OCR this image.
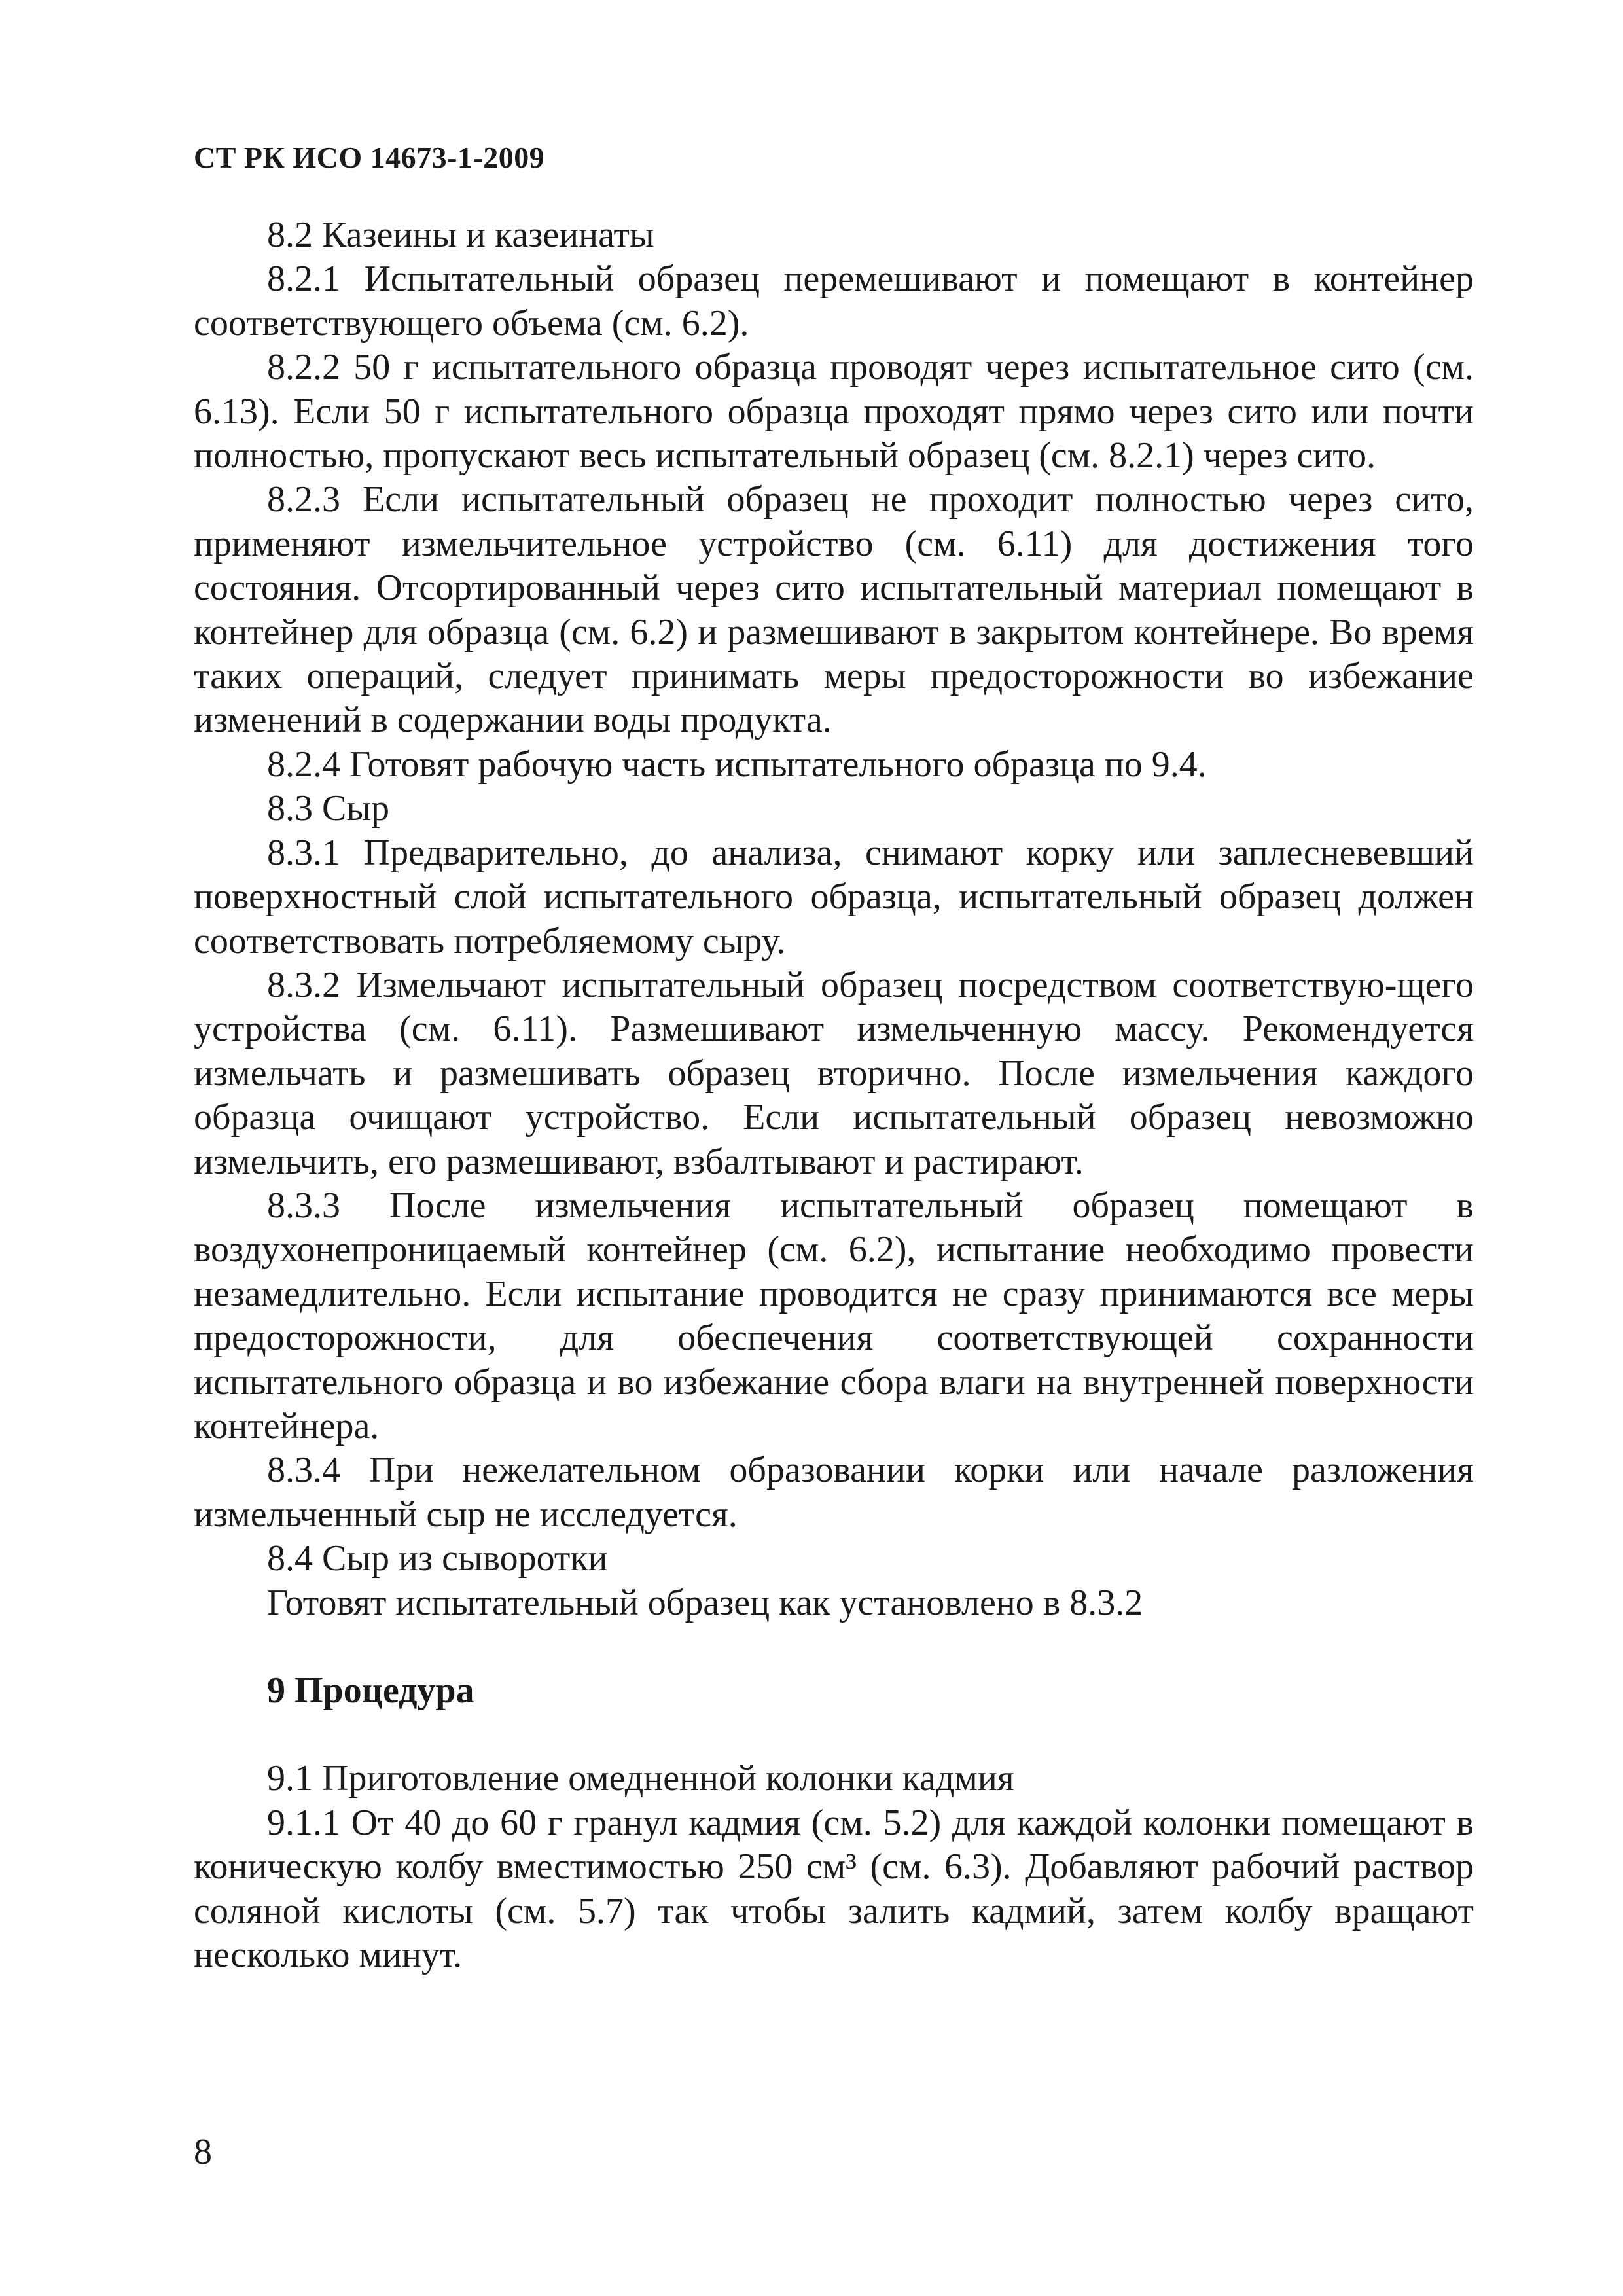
СТ РК ИСО 14673-1-2009

8.2 Казеины и казеинаты

8.2.1 Испытательный образец перемешивают и помещают в контейнер соответствующего объема (см. 6.2).

8.2.2 50 г испытательного образца проводят через испытательное сито (см. 6.13). Если 50 г испытательного образца проходят прямо через сито или почти полностью, пропускают весь испытательный образец (см. 8.2.1) через сито.

8.2.3 Если испытательный образец не проходит полностью через сито, применяют измельчительное устройство (см. 6.11) для достижения того состояния. Отсортированный через сито испытательный материал помещают в контейнер для образца (см. 6.2) и размешивают в закрытом контейнере. Во время таких операций, следует принимать меры предосторожности во избежание изменений в содержании воды продукта.

8.2.4 Готовят рабочую часть испытательного образца по 9.4.

8.3 Сыр

8.3.1 Предварительно, до анализа, снимают корку или заплесневевший поверхностный слой испытательного образца, испытательный образец должен соответствовать потребляемому сыру.

8.3.2 Измельчают испытательный образец посредством соответствую-щего устройства (см. 6.11). Размешивают измельченную массу. Рекомендуется измельчать и размешивать образец вторично. После измельчения каждого образца очищают устройство. Если испытательный образец невозможно измельчить, его размешивают, взбалтывают и растирают.

8.3.3 После измельчения испытательный образец помещают в воздухонепроницаемый контейнер (см. 6.2), испытание необходимо провести незамедлительно. Если испытание проводится не сразу принимаются все меры предосторожности, для обеспечения соответствующей сохранности испытательного образца и во избежание сбора влаги на внутренней поверхности контейнера.

8.3.4 При нежелательном образовании корки или начале разложения измельченный сыр не исследуется.

8.4 Сыр из сыворотки

Готовят испытательный образец как установлено в 8.3.2

9 Процедура

9.1 Приготовление омедненной колонки кадмия

9.1.1 От 40 до 60 г гранул кадмия (см. 5.2) для каждой колонки помещают в коническую колбу вместимостью 250 см³ (см. 6.3). Добавляют рабочий раствор соляной кислоты (см. 5.7) так чтобы залить кадмий, затем колбу вращают несколько минут.

8
